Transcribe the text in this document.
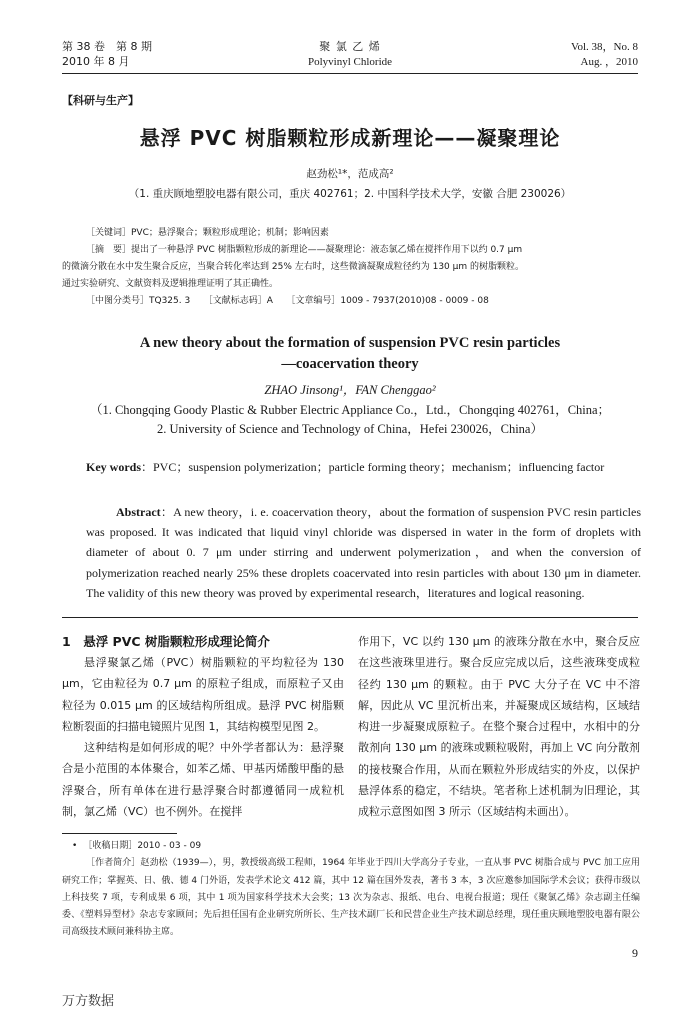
第 38 卷　第 8 期
2010 年 8 月
聚 氯 乙 烯
Polyvinyl Chloride
Vol. 38，No. 8
Aug. ，2010
【科研与生产】
悬浮 PVC 树脂颗粒形成新理论——凝聚理论
赵劲松¹*，范成高²
（1. 重庆顾地塑胶电器有限公司，重庆 402761；2. 中国科学技术大学，安徽 合肥 230026）
［关键词］PVC；悬浮聚合；颗粒形成理论；机制；影响因素
［摘　要］提出了一种悬浮 PVC 树脂颗粒形成的新理论——凝聚理论：液态氯乙烯在搅拌作用下以约 0.7 μm
的微滴分散在水中发生聚合反应，当聚合转化率达到 25% 左右时，这些微滴凝聚成粒径约为 130 μm 的树脂颗粒。
通过实验研究、文献资料及逻辑推理证明了其正确性。
［中图分类号］TQ325. 3　　［文献标志码］A　　［文章编号］1009 - 7937(2010)08 - 0009 - 08
A new theory about the formation of suspension PVC resin particles
—coacervation theory
ZHAO Jinsong¹，FAN Chenggao²
（1. Chongqing Goody Plastic & Rubber Electric Appliance Co.，Ltd.，Chongqing 402761，China；
2. University of Science and Technology of China，Hefei 230026，China）
Key words：PVC；suspension polymerization；particle forming theory；mechanism；influencing factor
Abstract：A new theory，i. e. coacervation theory，about the formation of suspension PVC resin particles was proposed. It was indicated that liquid vinyl chloride was dispersed in water in the form of droplets with diameter of about 0. 7 μm under stirring and underwent polymerization，and when the conversion of polymerization reached nearly 25% these droplets coacervated into resin particles with about 130 μm in diameter. The validity of this new theory was proved by experimental research，literatures and logical reasoning.
1　悬浮 PVC 树脂颗粒形成理论简介

悬浮聚氯乙烯（PVC）树脂颗粒的平均粒径为 130 μm，它由粒径为 0.7 μm 的原粒子组成，而原粒子又由粒径为 0.015 μm 的区域结构所组成。悬浮 PVC 树脂颗粒断裂面的扫描电镜照片见图 1，其结构模型见图 2。

这种结构是如何形成的呢？中外学者都认为：悬浮聚合是小范围的本体聚合，如苯乙烯、甲基丙烯酸甲酯的悬浮聚合，所有单体在进行悬浮聚合时都遵循同一成粒机制，氯乙烯（VC）也不例外。在搅拌

作用下，VC 以约 130 μm 的液珠分散在水中，聚合反应在这些液珠里进行。聚合反应完成以后，这些液珠变成粒径约 130 μm 的颗粒。由于 PVC 大分子在 VC 中不溶解，因此从 VC 里沉析出来，并凝聚成区域结构，区域结构进一步凝聚成原粒子。在整个聚合过程中，水相中的分散剂向 130 μm 的液珠或颗粒吸附，再加上 VC 向分散剂的接枝聚合作用，从而在颗粒外形成结实的外皮，以保护悬浮体系的稳定，不结块。笔者称上述机制为旧理论，其成粒示意图如图 3 所示（区域结构未画出）。

• ［收稿日期］2010 - 03 - 09
［作者简介］赵劲松（1939—），男，教授级高级工程师，1964 年毕业于四川大学高分子专业，一直从事 PVC 树脂合成与 PVC 加工应用研究工作；掌握英、日、俄、德 4 门外语，发表学术论文 412 篇，其中 12 篇在国外发表，著书 3 本，3 次应邀参加国际学术会议；获得市级以上科技奖 7 项，专利成果 6 项，其中 1 项为国家科学技术大会奖；13 次为杂志、报纸、电台、电视台报道；现任《聚氯乙烯》杂志副主任编委、《塑料异型材》杂志专家顾问；先后担任国有企业研究所所长、生产技术副厂长和民营企业生产技术副总经理，现任重庆顾地塑胶电器有限公司高级技术顾问兼科协主席。
9
万方数据
